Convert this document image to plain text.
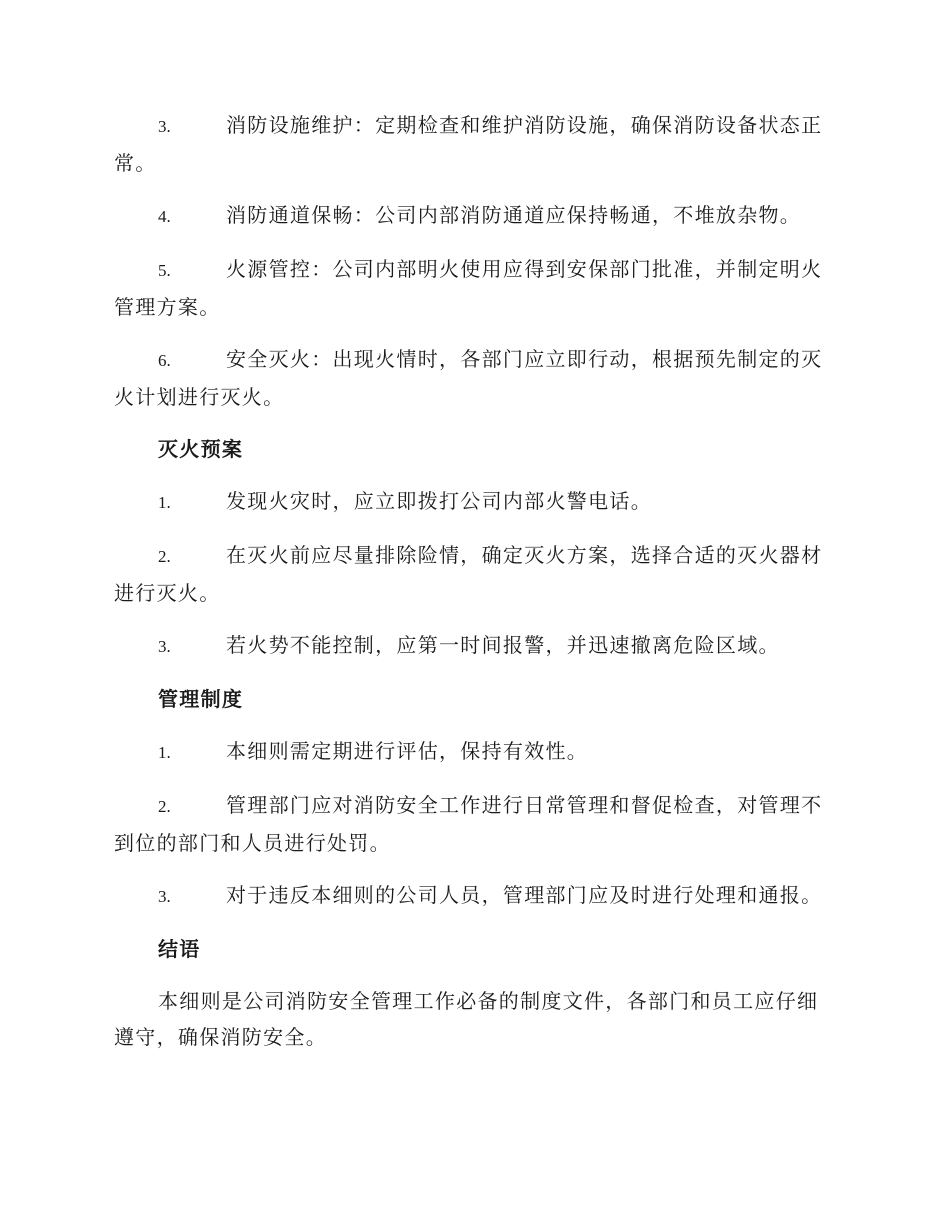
3.	消防设施维护：定期检查和维护消防设施，确保消防设备状态正常。

4.	消防通道保畅：公司内部消防通道应保持畅通，不堆放杂物。

5.	火源管控：公司内部明火使用应得到安保部门批准，并制定明火管理方案。

6.	安全灭火：出现火情时，各部门应立即行动，根据预先制定的灭火计划进行灭火。

灭火预案

1.	发现火灾时，应立即拨打公司内部火警电话。

2.	在灭火前应尽量排除险情，确定灭火方案，选择合适的灭火器材进行灭火。

3.	若火势不能控制，应第一时间报警，并迅速撤离危险区域。

管理制度

1.	本细则需定期进行评估，保持有效性。

2.	管理部门应对消防安全工作进行日常管理和督促检查，对管理不到位的部门和人员进行处罚。

3.	对于违反本细则的公司人员，管理部门应及时进行处理和通报。

结语

本细则是公司消防安全管理工作必备的制度文件，各部门和员工应仔细遵守，确保消防安全。
